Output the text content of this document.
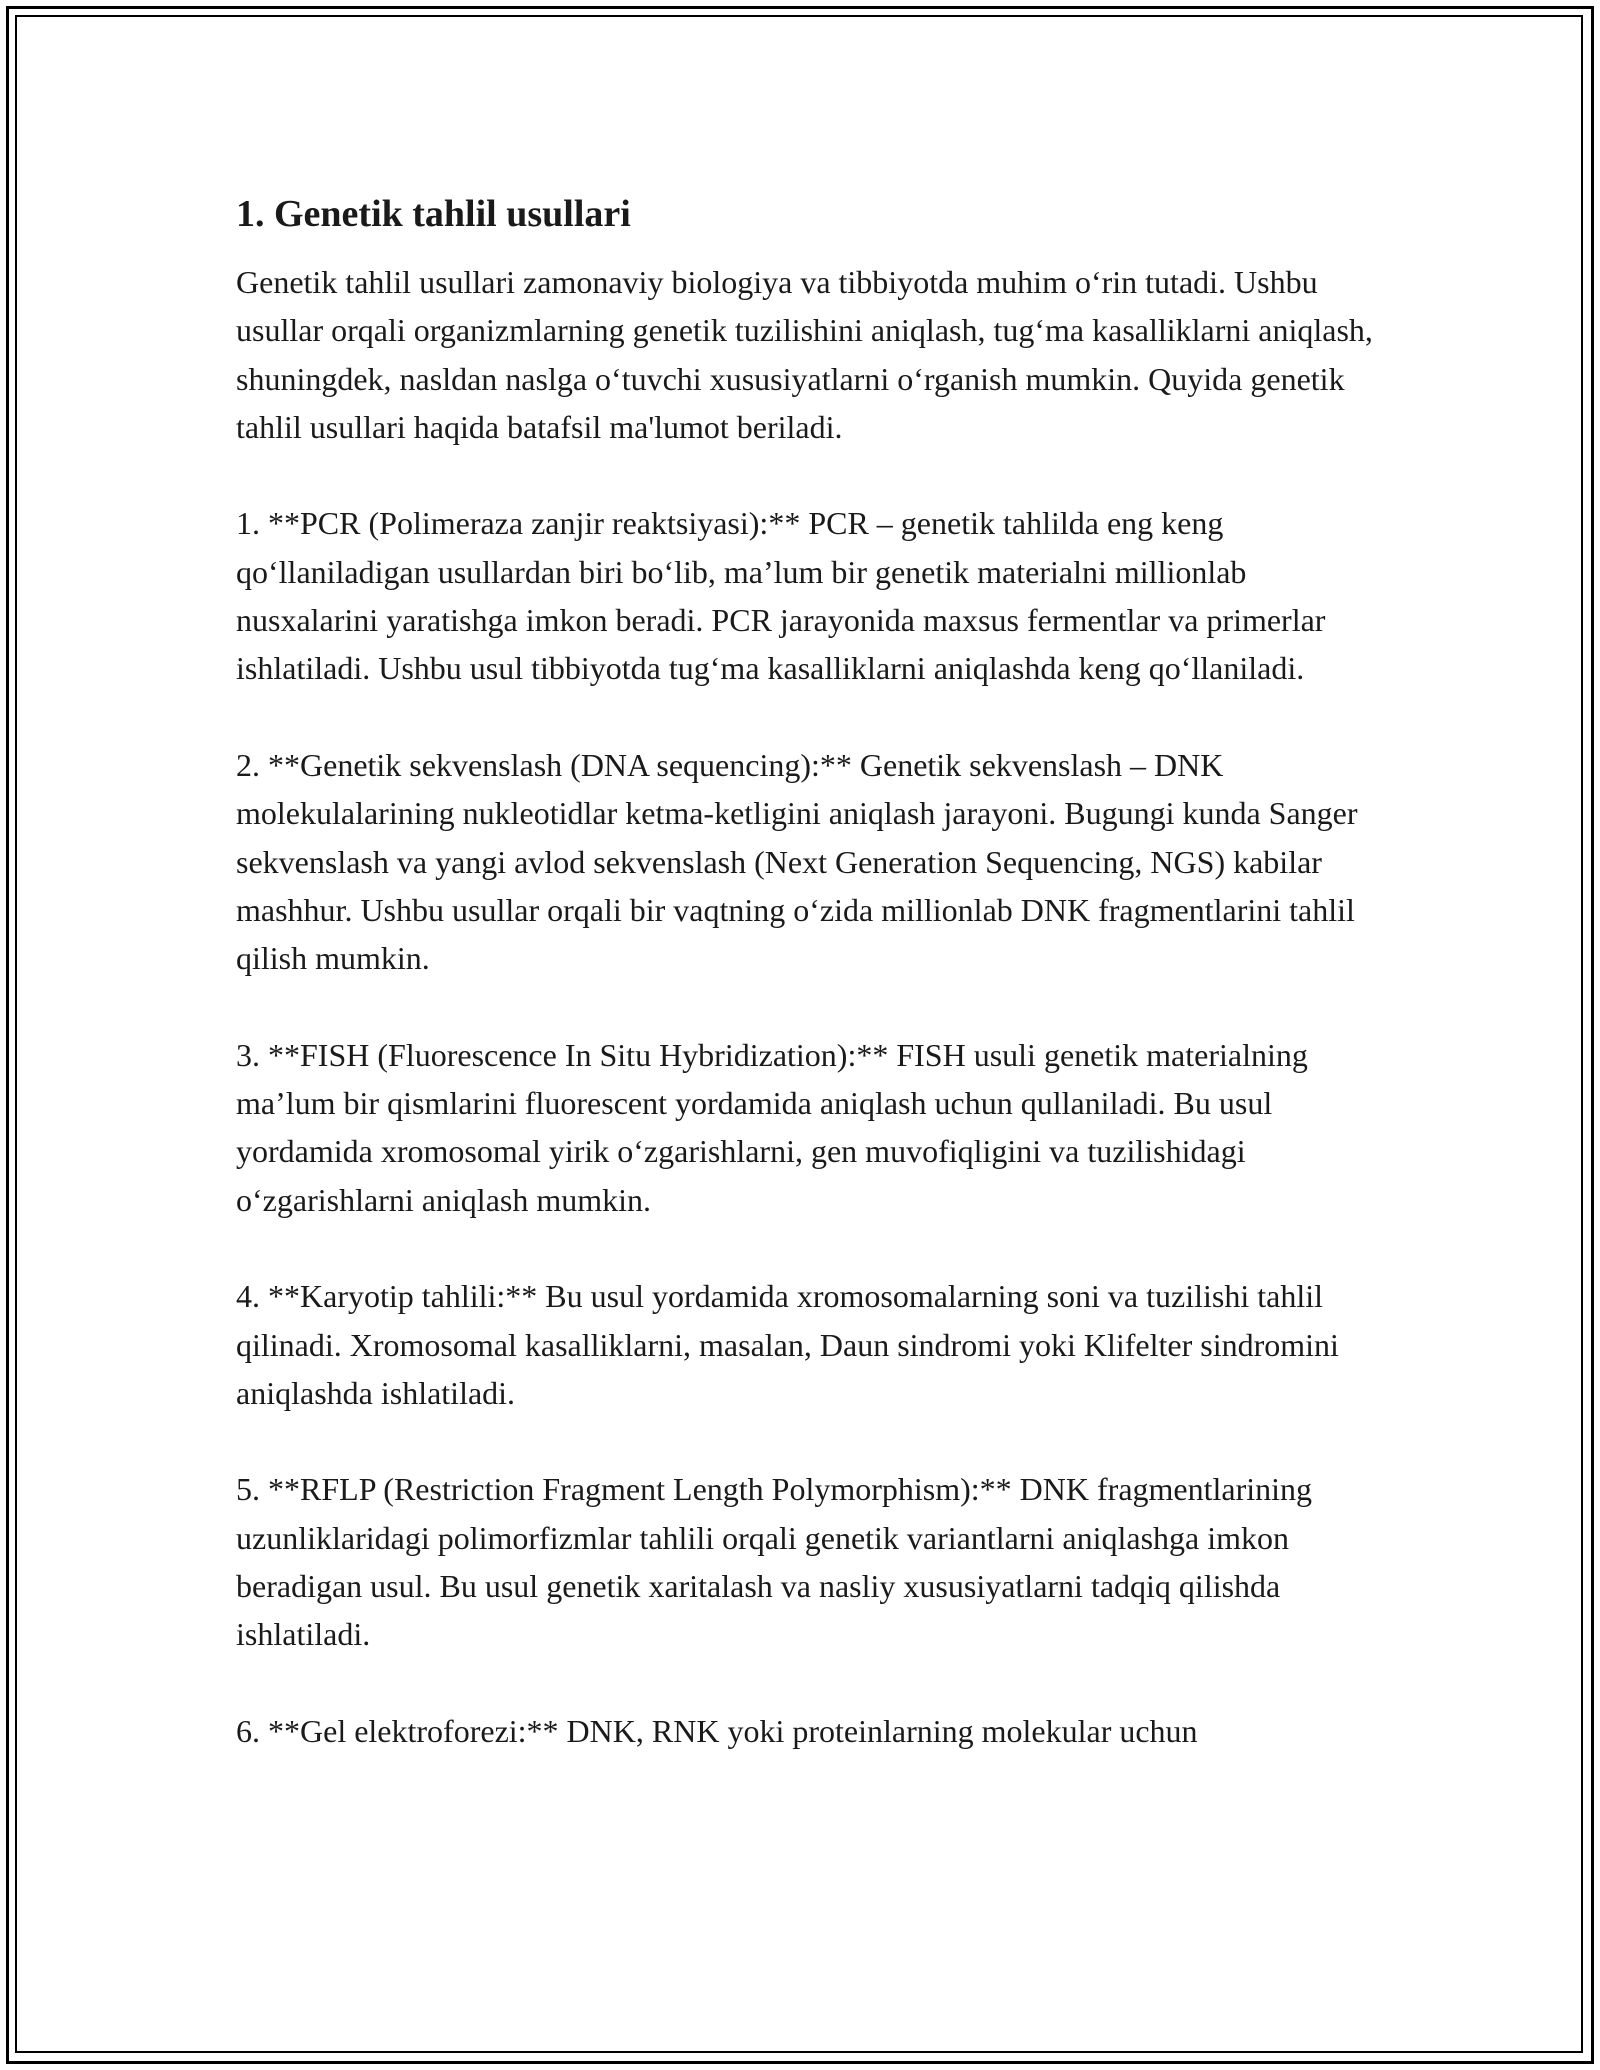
1. Genetik tahlil usullari

Genetik tahlil usullari zamonaviy biologiya va tibbiyotda muhim o‘rin tutadi. Ushbu usullar orqali organizmlarning genetik tuzilishini aniqlash, tug‘ma kasalliklarni aniqlash, shuningdek, nasldan naslga o‘tuvchi xususiyatlarni o‘rganish mumkin. Quyida genetik tahlil usullari haqida batafsil ma'lumot beriladi.

1. **PCR (Polimeraza zanjir reaktsiyasi):** PCR – genetik tahlilda eng keng qo‘llaniladigan usullardan biri bo‘lib, ma’lum bir genetik materialni millionlab nusxalarini yaratishga imkon beradi. PCR jarayonida maxsus fermentlar va primerlar ishlatiladi. Ushbu usul tibbiyotda tug‘ma kasalliklarni aniqlashda keng qo‘llaniladi.

2. **Genetik sekvenslash (DNA sequencing):** Genetik sekvenslash – DNK molekulalarining nukleotidlar ketma-ketligini aniqlash jarayoni. Bugungi kunda Sanger sekvenslash va yangi avlod sekvenslash (Next Generation Sequencing, NGS) kabilar mashhur. Ushbu usullar orqali bir vaqtning o‘zida millionlab DNK fragmentlarini tahlil qilish mumkin.

3. **FISH (Fluorescence In Situ Hybridization):** FISH usuli genetik materialning ma’lum bir qismlarini fluorescent yordamida aniqlash uchun qullaniladi. Bu usul yordamida xromosomal yirik o‘zgarishlarni, gen muvofiqligini va tuzilishidagi o‘zgarishlarni aniqlash mumkin.

4. **Karyotip tahlili:** Bu usul yordamida xromosomalarning soni va tuzilishi tahlil qilinadi. Xromosomal kasalliklarni, masalan, Daun sindromi yoki Klifelter sindromini aniqlashda ishlatiladi.

5. **RFLP (Restriction Fragment Length Polymorphism):** DNK fragmentlarining uzunliklaridagi polimorfizmlar tahlili orqali genetik variantlarni aniqlashga imkon beradigan usul. Bu usul genetik xaritalash va nasliy xususiyatlarni tadqiq qilishda ishlatiladi.

6. **Gel elektroforezi:** DNK, RNK yoki proteinlarning molekular uchun
